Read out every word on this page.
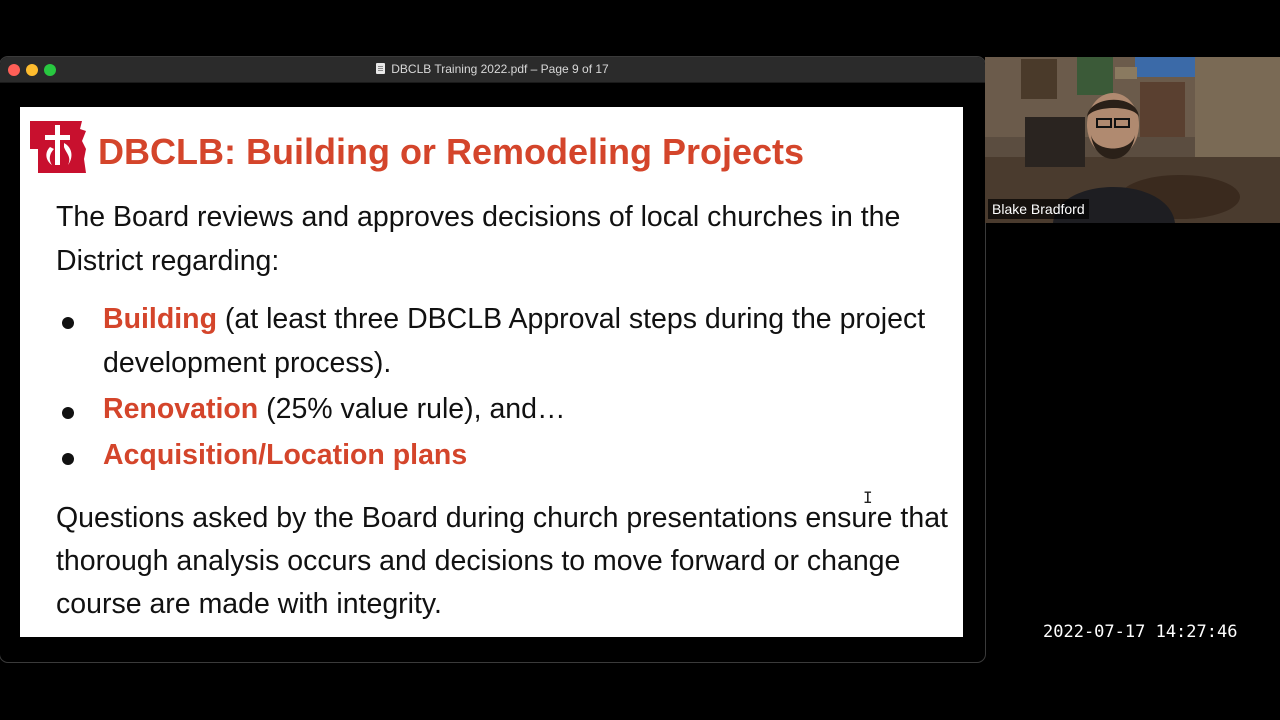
DBCLB Training 2022.pdf – Page 9 of 17
DBCLB: Building or Remodeling Projects
The Board reviews and approves decisions of local churches in the District regarding:
Building (at least three DBCLB Approval steps during the project development process).
Renovation (25% value rule), and…
Acquisition/Location plans
Questions asked by the Board during church presentations ensure that thorough analysis occurs and decisions to move forward or change course are made with integrity.
I
Blake Bradford
2022-07-17 14:27:46
